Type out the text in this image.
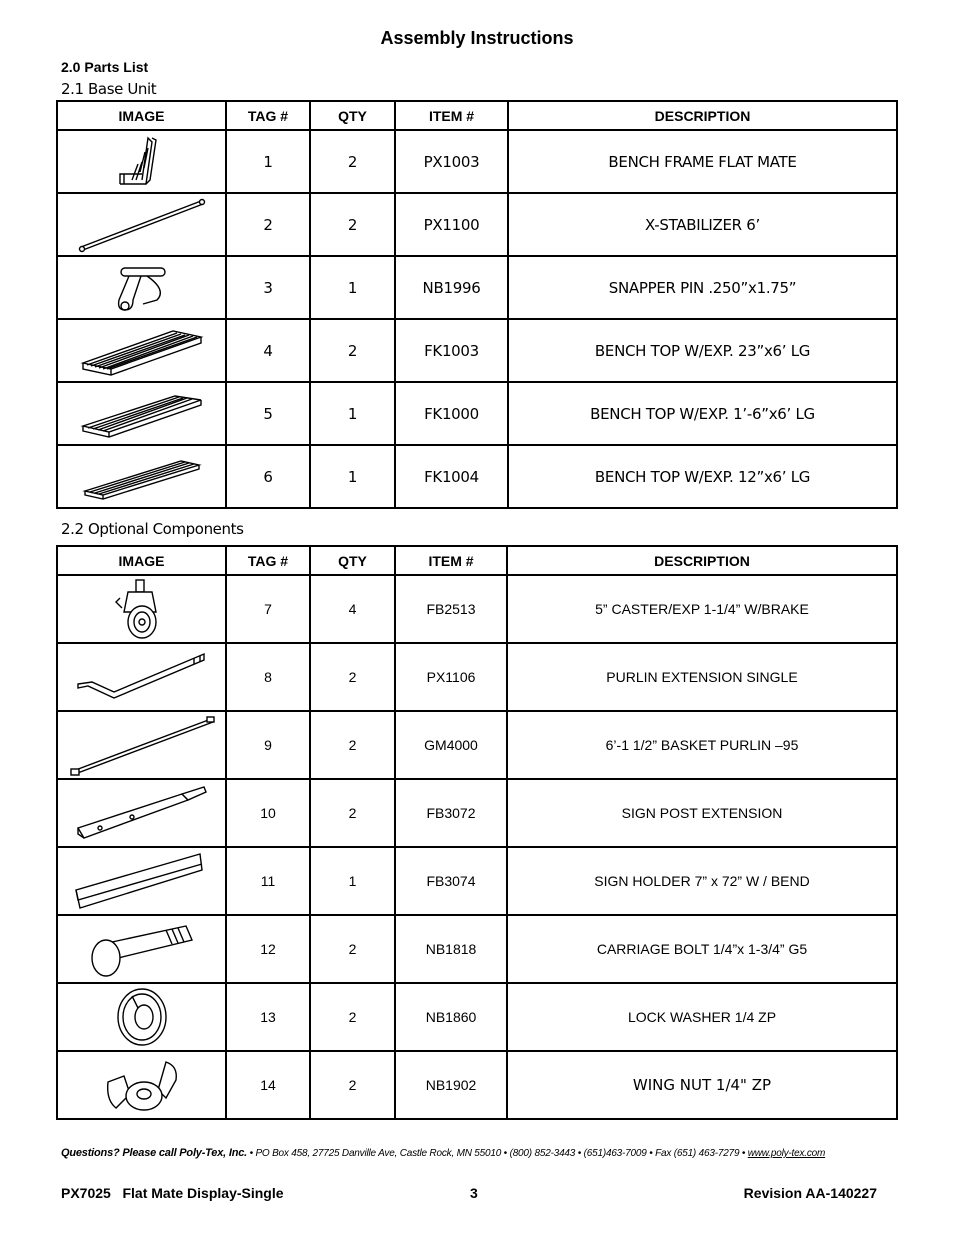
Assembly Instructions
2.0 Parts List
2.1 Base Unit
IMAGE	TAG #	QTY	ITEM #	DESCRIPTION

	1	2	PX1003	BENCH FRAME FLAT MATE

	2	2	PX1100	X-STABILIZER 6’

	3	1	NB1996	SNAPPER PIN .250”x1.75”

	4	2	FK1003	BENCH TOP W/EXP. 23”x6’ LG

	5	1	FK1000	BENCH TOP W/EXP. 1’-6”x6’ LG

	6	1	FK1004	BENCH TOP W/EXP. 12”x6’ LG
2.2 Optional Components
IMAGE	TAG #	QTY	ITEM #	DESCRIPTION

	7	4	FB2513	5” CASTER/EXP 1-1/4” W/BRAKE

	8	2	PX1106	PURLIN EXTENSION SINGLE

	9	2	GM4000	6’-1 1/2” BASKET PURLIN –95

	10	2	FB3072	SIGN POST EXTENSION

	11	1	FB3074	SIGN HOLDER 7” x 72” W / BEND

	12	2	NB1818	CARRIAGE BOLT 1/4”x 1-3/4” G5

	13	2	NB1860	LOCK WASHER 1/4 ZP

	14	2	NB1902	WING NUT 1/4" ZP
Questions? Please call Poly-Tex, Inc. • PO Box 458, 27725 Danville Ave, Castle Rock, MN 55010 • (800) 852-3443 • (651)463-7009 • Fax (651) 463-7279 • www.poly-tex.com
PX7025   Flat Mate Display-Single	3	Revision AA-140227
